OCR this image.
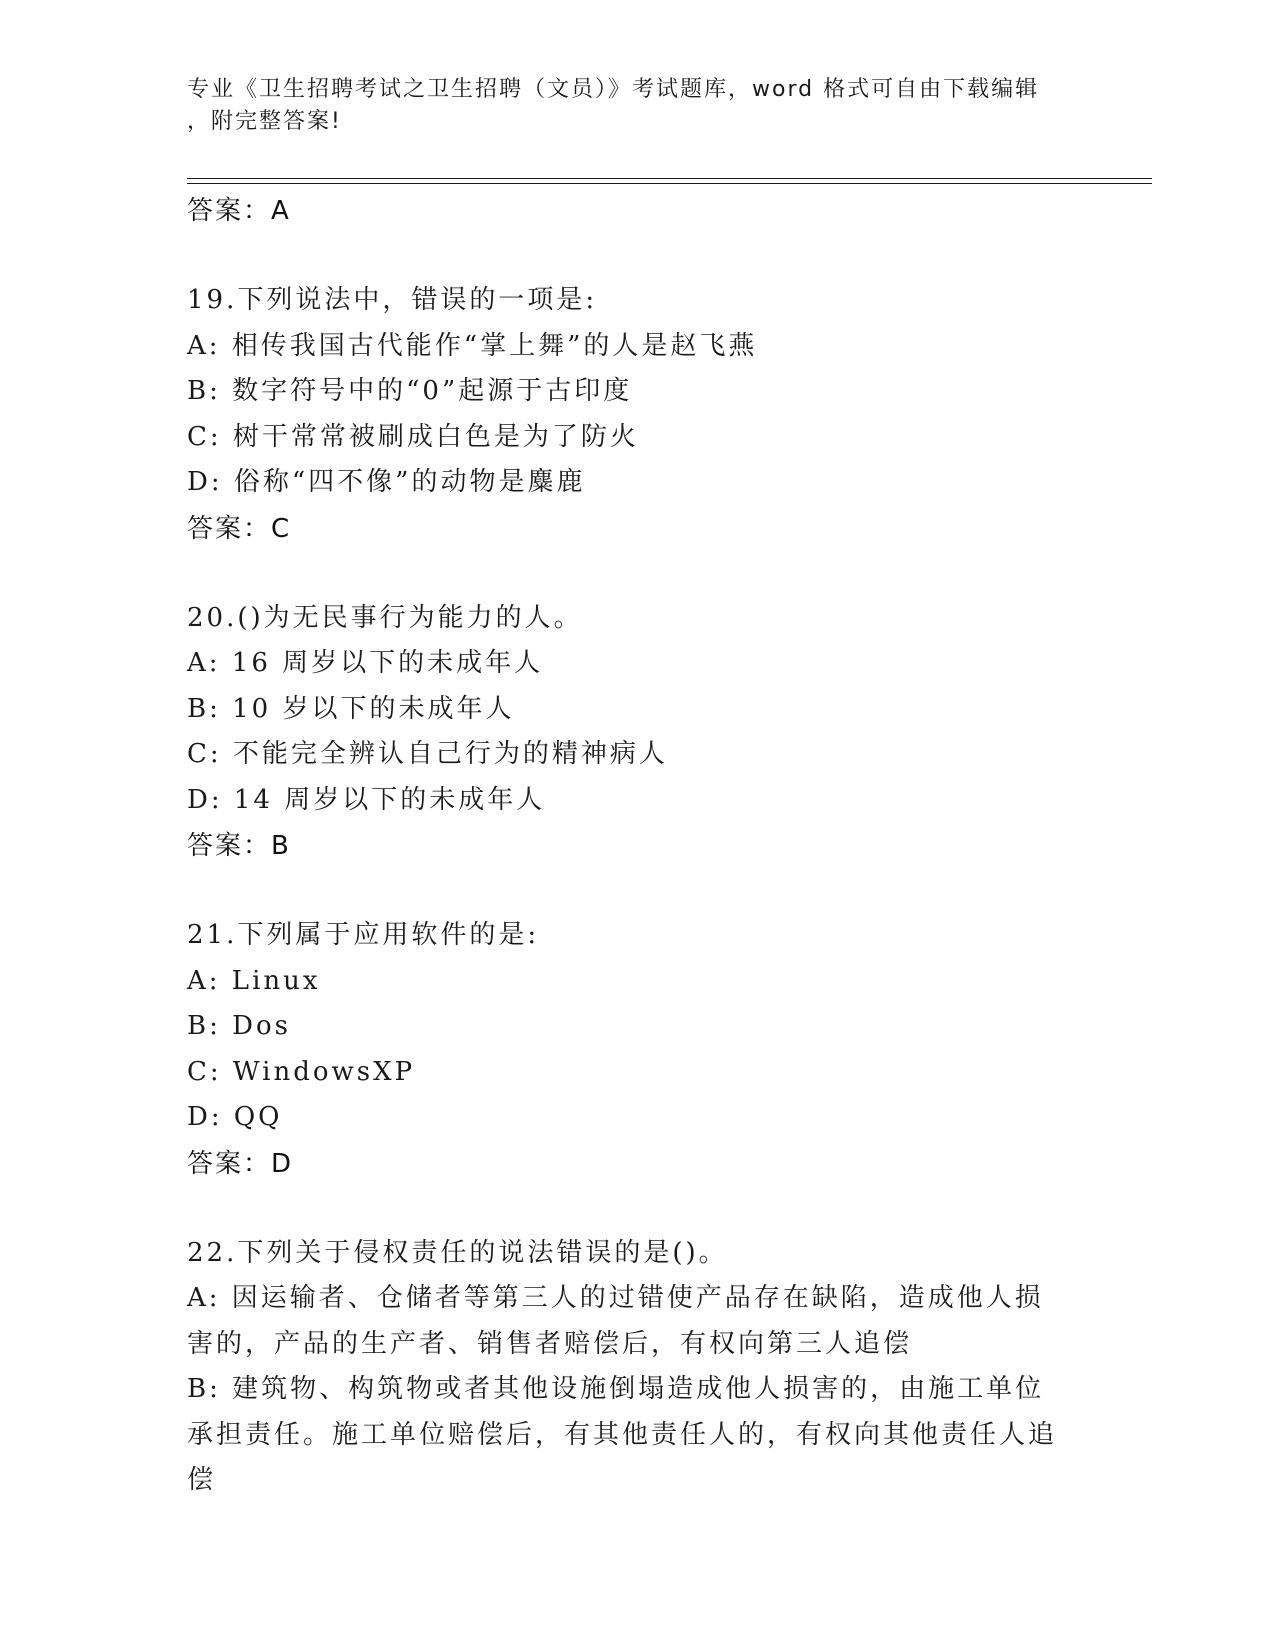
专业《卫生招聘考试之卫生招聘（文员）》考试题库，word 格式可自由下载编辑
，附完整答案!
答案：A
19.下列说法中，错误的一项是:
A: 相传我国古代能作“掌上舞”的人是赵飞燕
B: 数字符号中的“0”起源于古印度
C: 树干常常被刷成白色是为了防火
D: 俗称“四不像”的动物是麋鹿
答案：C
20.()为无民事行为能力的人。
A: 16 周岁以下的未成年人
B: 10 岁以下的未成年人
C: 不能完全辨认自己行为的精神病人
D: 14 周岁以下的未成年人
答案：B
21.下列属于应用软件的是:
A: Linux
B: Dos
C: WindowsXP
D: QQ
答案：D
22.下列关于侵权责任的说法错误的是()。
A: 因运输者、仓储者等第三人的过错使产品存在缺陷，造成他人损害的，产品的生产者、销售者赔偿后，有权向第三人追偿
B: 建筑物、构筑物或者其他设施倒塌造成他人损害的，由施工单位承担责任。施工单位赔偿后，有其他责任人的，有权向其他责任人追偿
